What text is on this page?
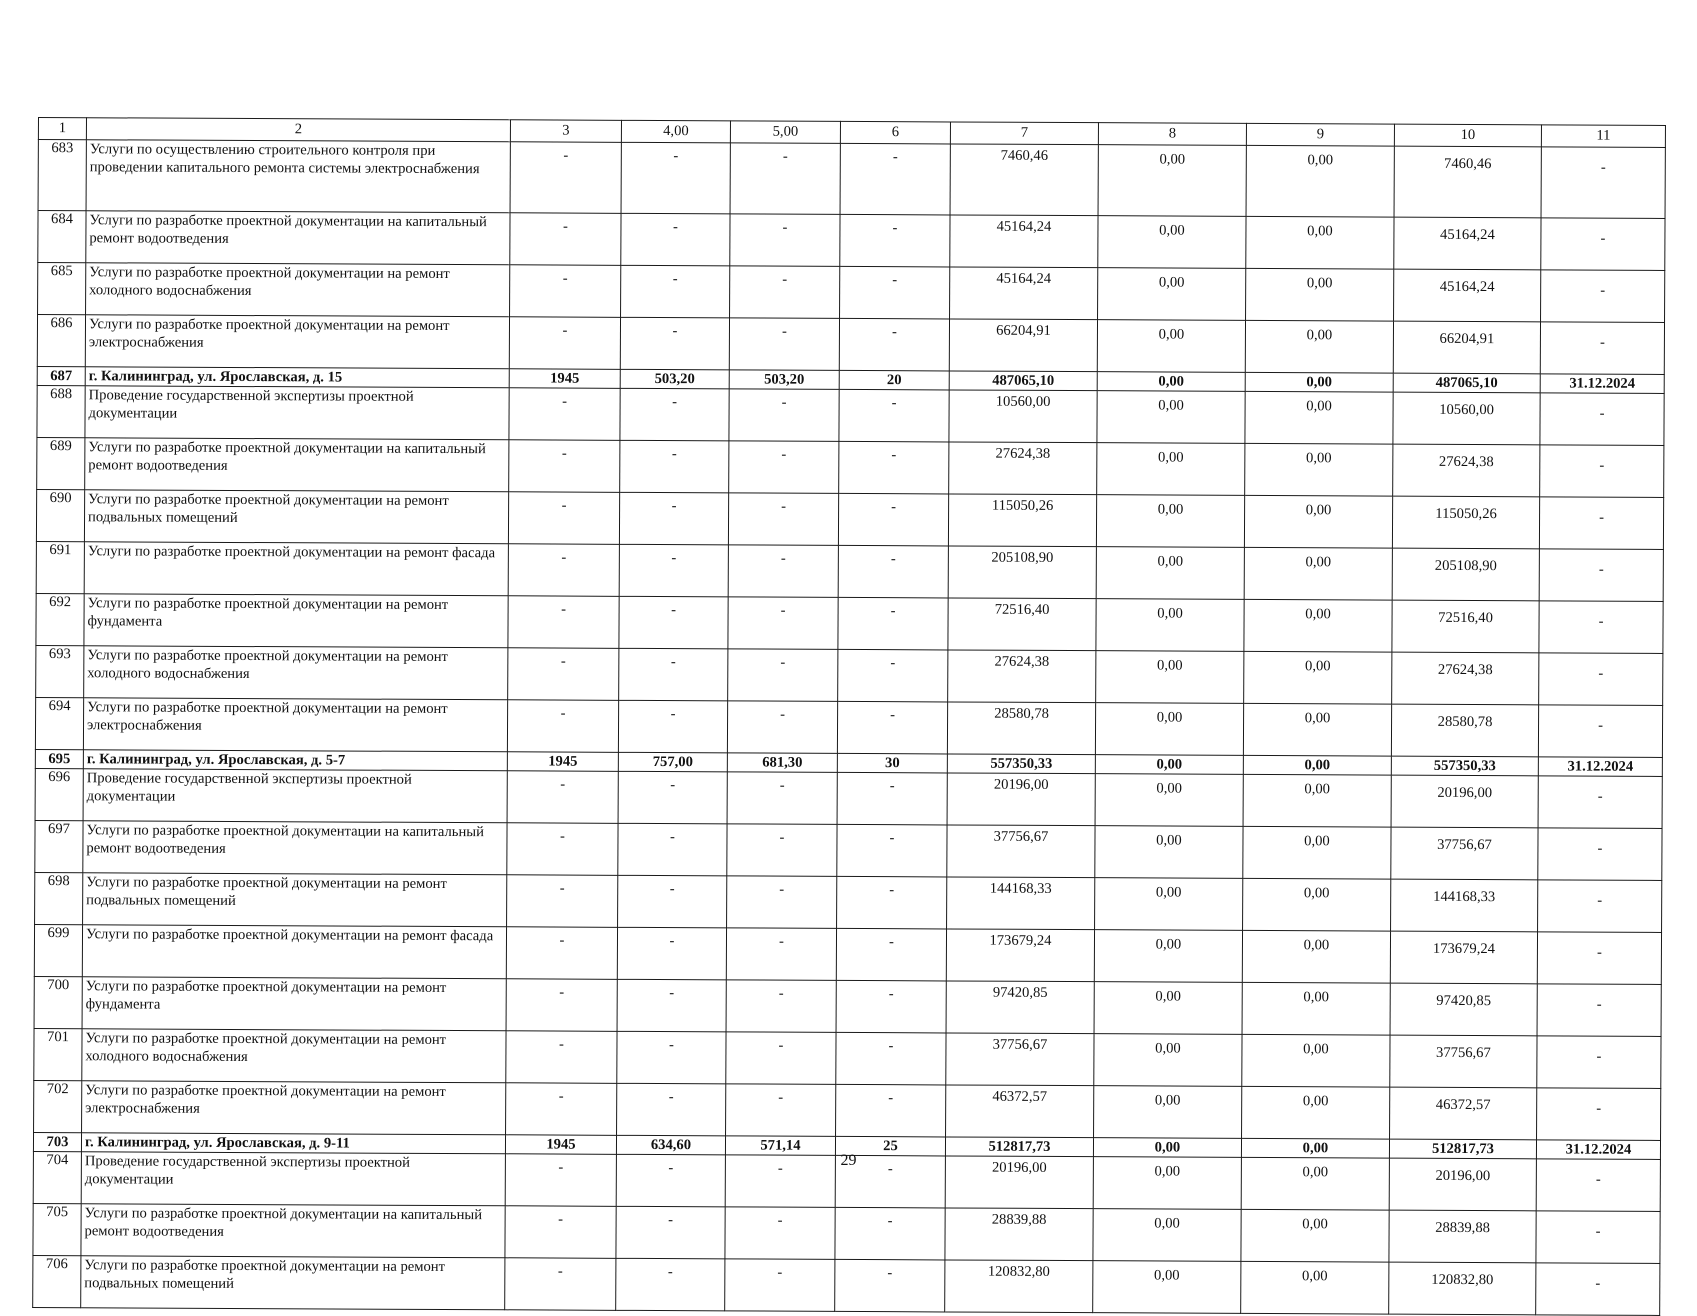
1	2	3	4,00	5,00	6	7	8	9	10	11
683	Услуги по осуществлению строительного контроля при проведении капитального ремонта системы электроснабжения	-	-	-	-	7460,46	0,00	0,00	7460,46	-
684	Услуги по разработке проектной документации на капитальный ремонт водоотведения	-	-	-	-	45164,24	0,00	0,00	45164,24	-
685	Услуги по разработке проектной документации на ремонт холодного водоснабжения	-	-	-	-	45164,24	0,00	0,00	45164,24	-
686	Услуги по разработке проектной документации на ремонт электроснабжения	-	-	-	-	66204,91	0,00	0,00	66204,91	-
687	г. Калининград, ул. Ярославская, д. 15	1945	503,20	503,20	20	487065,10	0,00	0,00	487065,10	31.12.2024
688	Проведение государственной экспертизы проектной документации	-	-	-	-	10560,00	0,00	0,00	10560,00	-
689	Услуги по разработке проектной документации на капитальный ремонт водоотведения	-	-	-	-	27624,38	0,00	0,00	27624,38	-
690	Услуги по разработке проектной документации на ремонт подвальных помещений	-	-	-	-	115050,26	0,00	0,00	115050,26	-
691	Услуги по разработке проектной документации на ремонт фасада	-	-	-	-	205108,90	0,00	0,00	205108,90	-
692	Услуги по разработке проектной документации на ремонт фундамента	-	-	-	-	72516,40	0,00	0,00	72516,40	-
693	Услуги по разработке проектной документации на ремонт холодного водоснабжения	-	-	-	-	27624,38	0,00	0,00	27624,38	-
694	Услуги по разработке проектной документации на ремонт электроснабжения	-	-	-	-	28580,78	0,00	0,00	28580,78	-
695	г. Калининград, ул. Ярославская, д. 5-7	1945	757,00	681,30	30	557350,33	0,00	0,00	557350,33	31.12.2024
696	Проведение государственной экспертизы проектной документации	-	-	-	-	20196,00	0,00	0,00	20196,00	-
697	Услуги по разработке проектной документации на капитальный ремонт водоотведения	-	-	-	-	37756,67	0,00	0,00	37756,67	-
698	Услуги по разработке проектной документации на ремонт подвальных помещений	-	-	-	-	144168,33	0,00	0,00	144168,33	-
699	Услуги по разработке проектной документации на ремонт фасада	-	-	-	-	173679,24	0,00	0,00	173679,24	-
700	Услуги по разработке проектной документации на ремонт фундамента	-	-	-	-	97420,85	0,00	0,00	97420,85	-
701	Услуги по разработке проектной документации на ремонт холодного водоснабжения	-	-	-	-	37756,67	0,00	0,00	37756,67	-
702	Услуги по разработке проектной документации на ремонт электроснабжения	-	-	-	-	46372,57	0,00	0,00	46372,57	-
703	г. Калининград, ул. Ярославская, д. 9-11	1945	634,60	571,14	25	512817,73	0,00	0,00	512817,73	31.12.2024
704	Проведение государственной экспертизы проектной документации	-	-	-	-	20196,00	0,00	0,00	20196,00	-
705	Услуги по разработке проектной документации на капитальный ремонт водоотведения	-	-	-	-	28839,88	0,00	0,00	28839,88	-
706	Услуги по разработке проектной документации на ремонт подвальных помещений	-	-	-	-	120832,80	0,00	0,00	120832,80	-
29
